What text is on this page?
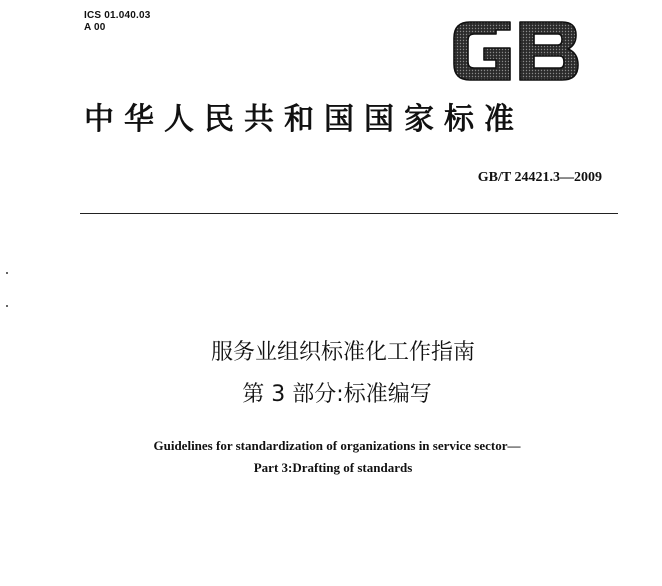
ICS 01.040.03
A 00
中华人民共和国国家标准
GB/T 24421.3—2009
服务业组织标准化工作指南
第 3 部分:标准编写
Guidelines for standardization of organizations in service sector—
Part 3:Drafting of standards
